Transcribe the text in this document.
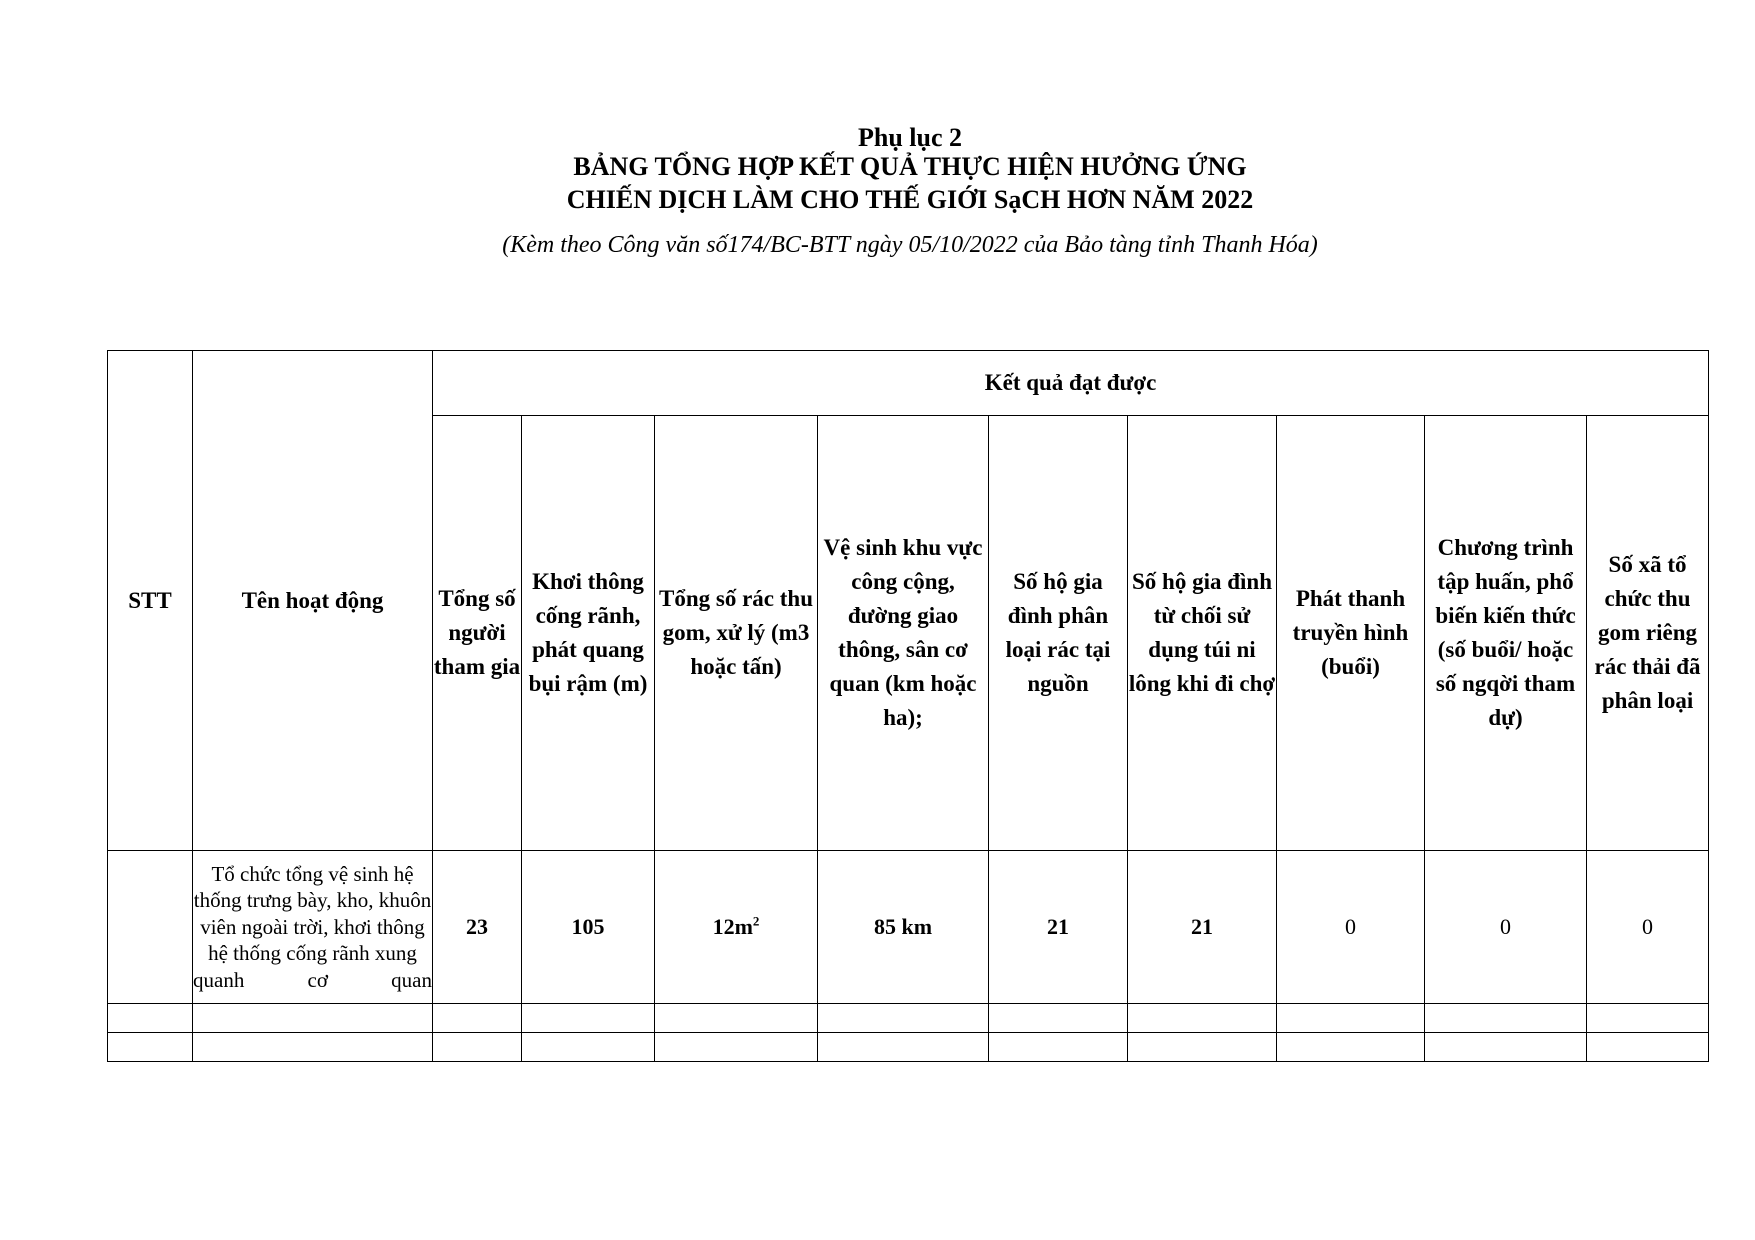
Phụ lục 2
BẢNG TỔNG HỢP KẾT QUẢ THỰC HIỆN HƯỞNG ỨNG
CHIẾN DỊCH LÀM CHO THẾ GIỚI SạCH HƠN NĂM 2022
(Kèm theo Công văn số174/BC-BTT ngày 05/10/2022 của Bảo tàng tỉnh Thanh Hóa)
STT	Tên hoạt động	Kết quả đạt được								
		Tổng số người tham gia	Khơi thông cống rãnh, phát quang bụi rậm (m)	Tổng số rác thu gom, xử lý (m3 hoặc tấn)	Vệ sinh khu vực công cộng, đường giao thông, sân cơ quan (km hoặc ha);	Số hộ gia đình phân loại rác tại nguồn	Số hộ gia đình từ chối sử dụng túi ni lông khi đi chợ	Phát thanh truyền hình (buổi)	Chương trình tập huấn, phổ biến kiến thức (số buổi/ hoặc số ngqời tham dự)	Số xã tổ chức thu gom riêng rác thải đã phân loại
	Tổ chức tổng vệ sinh hệ thống trưng bày, kho, khuôn viên ngoài trời, khơi thông hệ thống cống rãnh xung quanh cơ quan	23	105	$12m^2$	85 km	21	21	0	0	0
